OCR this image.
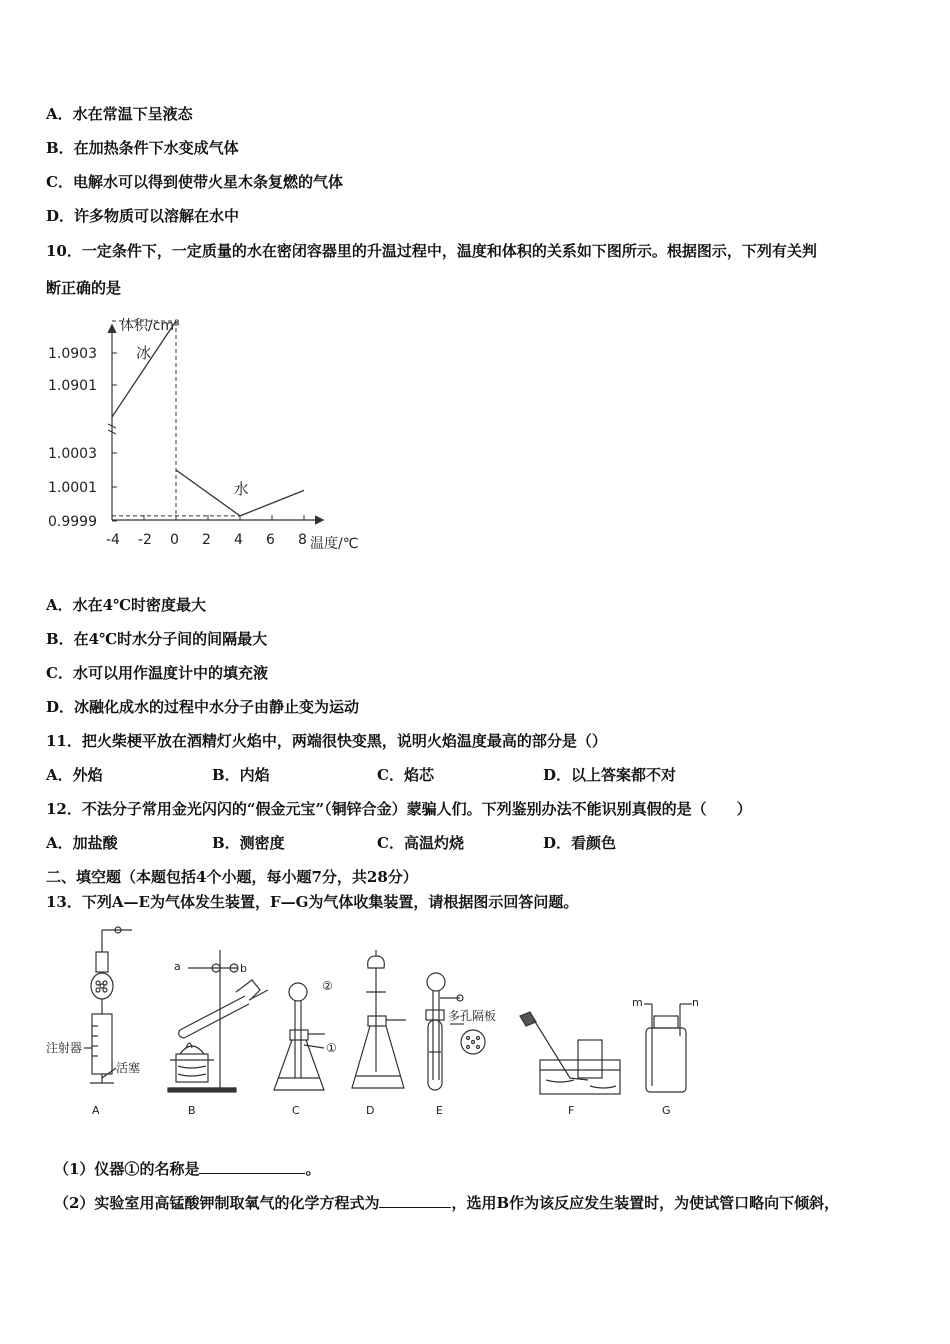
A．水在常温下呈液态
B．在加热条件下水变成气体
C．电解水可以得到使带火星木条复燃的气体
D．许多物质可以溶解在水中
10．一定条件下，一定质量的水在密闭容器里的升温过程中，温度和体积的关系如下图所示。根据图示，下列有关判
断正确的是
体积/cm³
温度/℃
1.0903
1.0901
1.0003
1.0001
0.9999
-4 -2 0 2 4 6 8
冰
水
A．水在4℃时密度最大
B．在4℃时水分子间的间隔最大
C．水可以用作温度计中的填充液
D．冰融化成水的过程中水分子由静止变为运动
11．把火柴梗平放在酒精灯火焰中，两端很快变黑，说明火焰温度最高的部分是（）
A．外焰	B．内焰	C．焰芯	D．以上答案都不对
12．不法分子常用金光闪闪的“假金元宝”（铜锌合金）蒙骗人们。下列鉴别办法不能识别真假的是（　　）
A．加盐酸	B．测密度	C．高温灼烧	D．看颜色
二、填空题（本题包括4个小题，每小题7分，共28分）
13．下列A—E为气体发生装置，F—G为气体收集装置，请根据图示回答问题。
a	b
m	n
②
①
注射器
活塞
多孔隔板
A	B	C	D	E	F	G
（1）仪器①的名称是	。
（2）实验室用高锰酸钾制取氧气的化学方程式为	，选用B作为该反应发生装置时，为使试管口略向下倾斜，
